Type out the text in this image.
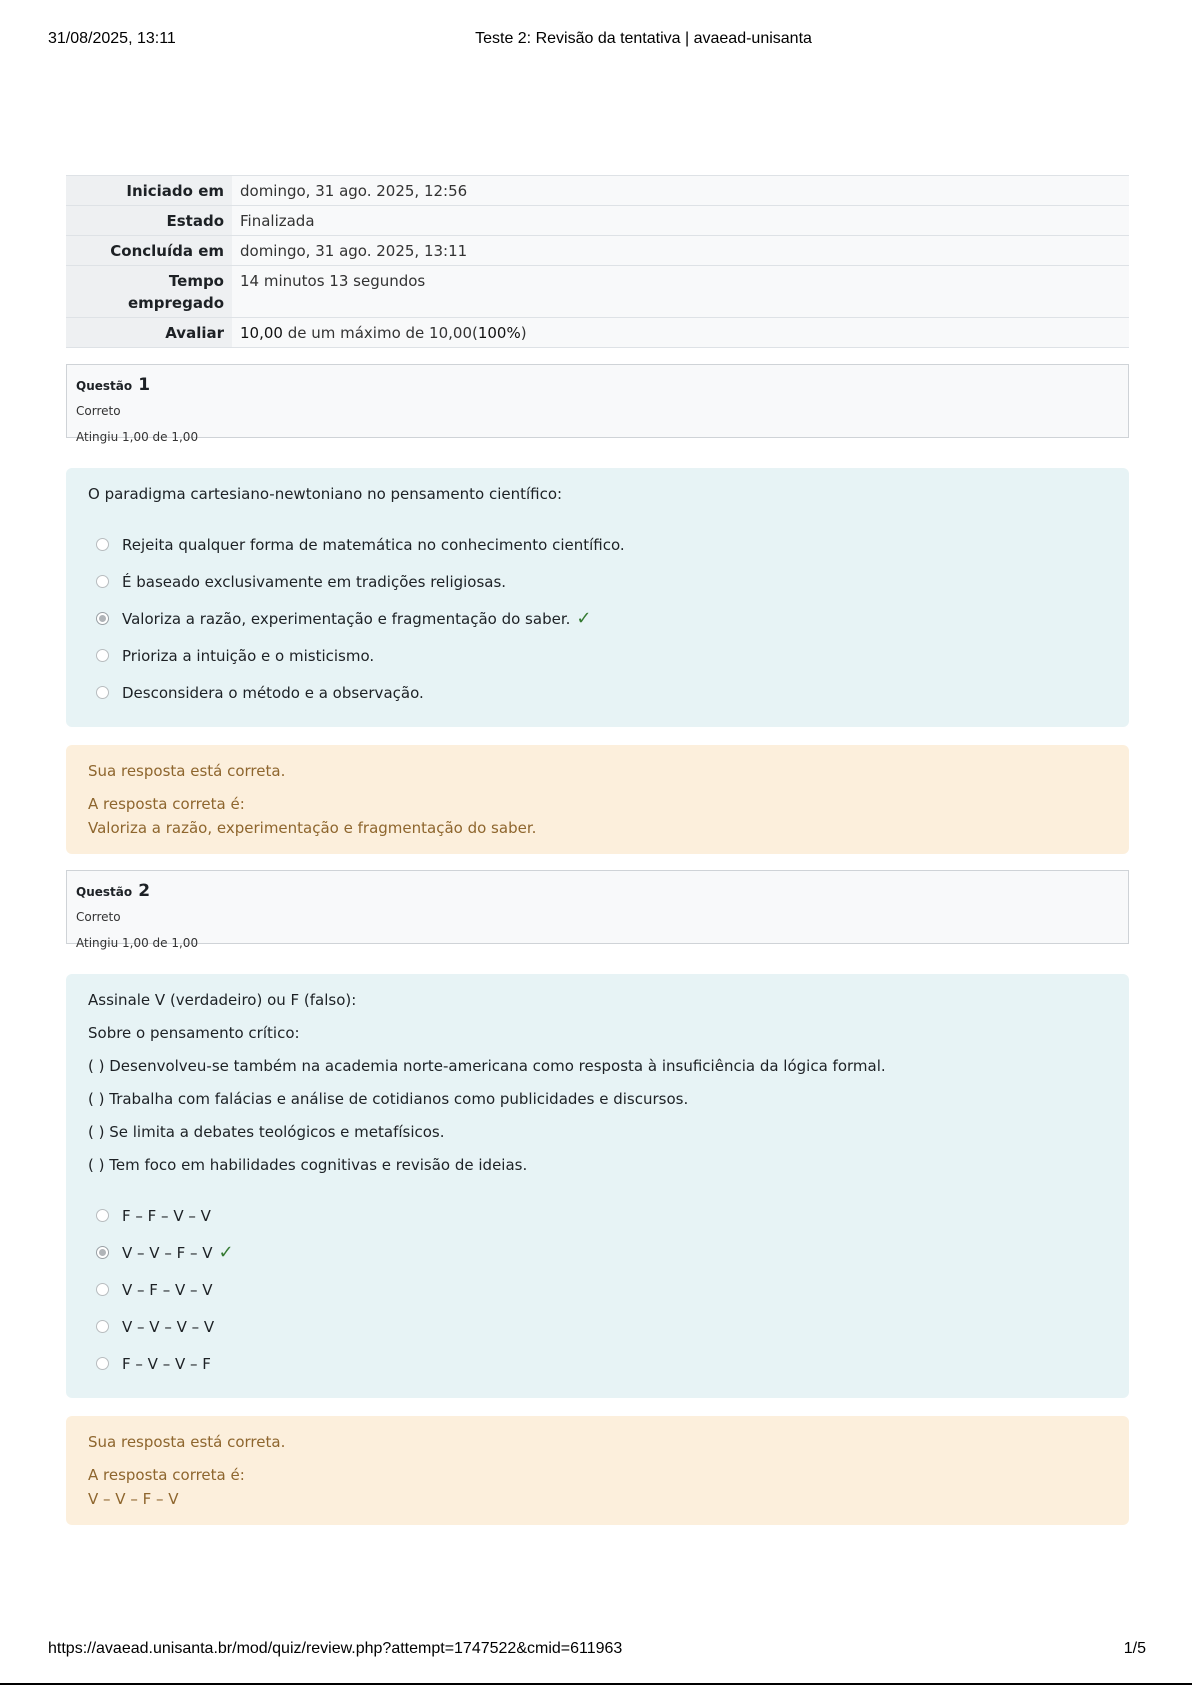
31/08/2025, 13:11	Teste 2: Revisão da tentativa | avaead-unisanta
Iniciado em	domingo, 31 ago. 2025, 12:56
Estado	Finalizada
Concluída em	domingo, 31 ago. 2025, 13:11
Tempo empregado	14 minutos 13 segundos
Avaliar	10,00 de um máximo de 10,00(100%)
Questão 1
Correto
Atingiu 1,00 de 1,00

O paradigma cartesiano-newtoniano no pensamento científico:

Rejeita qualquer forma de matemática no conhecimento científico.
É baseado exclusivamente em tradições religiosas.
Valoriza a razão, experimentação e fragmentação do saber. ✓
Prioriza a intuição e o misticismo.
Desconsidera o método e a observação.

Sua resposta está correta.

A resposta correta é:

Valoriza a razão, experimentação e fragmentação do saber.

Questão 2
Correto
Atingiu 1,00 de 1,00

Assinale V (verdadeiro) ou F (falso):

Sobre o pensamento crítico:

( ) Desenvolveu-se também na academia norte-americana como resposta à insuficiência da lógica formal.

( ) Trabalha com falácias e análise de cotidianos como publicidades e discursos.

( ) Se limita a debates teológicos e metafísicos.

( ) Tem foco em habilidades cognitivas e revisão de ideias.

F – F – V – V
V – V – F – V ✓
V – F – V – V
V – V – V – V
F – V – V – F

Sua resposta está correta.

A resposta correta é:

V – V – F – V

https://avaead.unisanta.br/mod/quiz/review.php?attempt=1747522&cmid=611963	1/5
